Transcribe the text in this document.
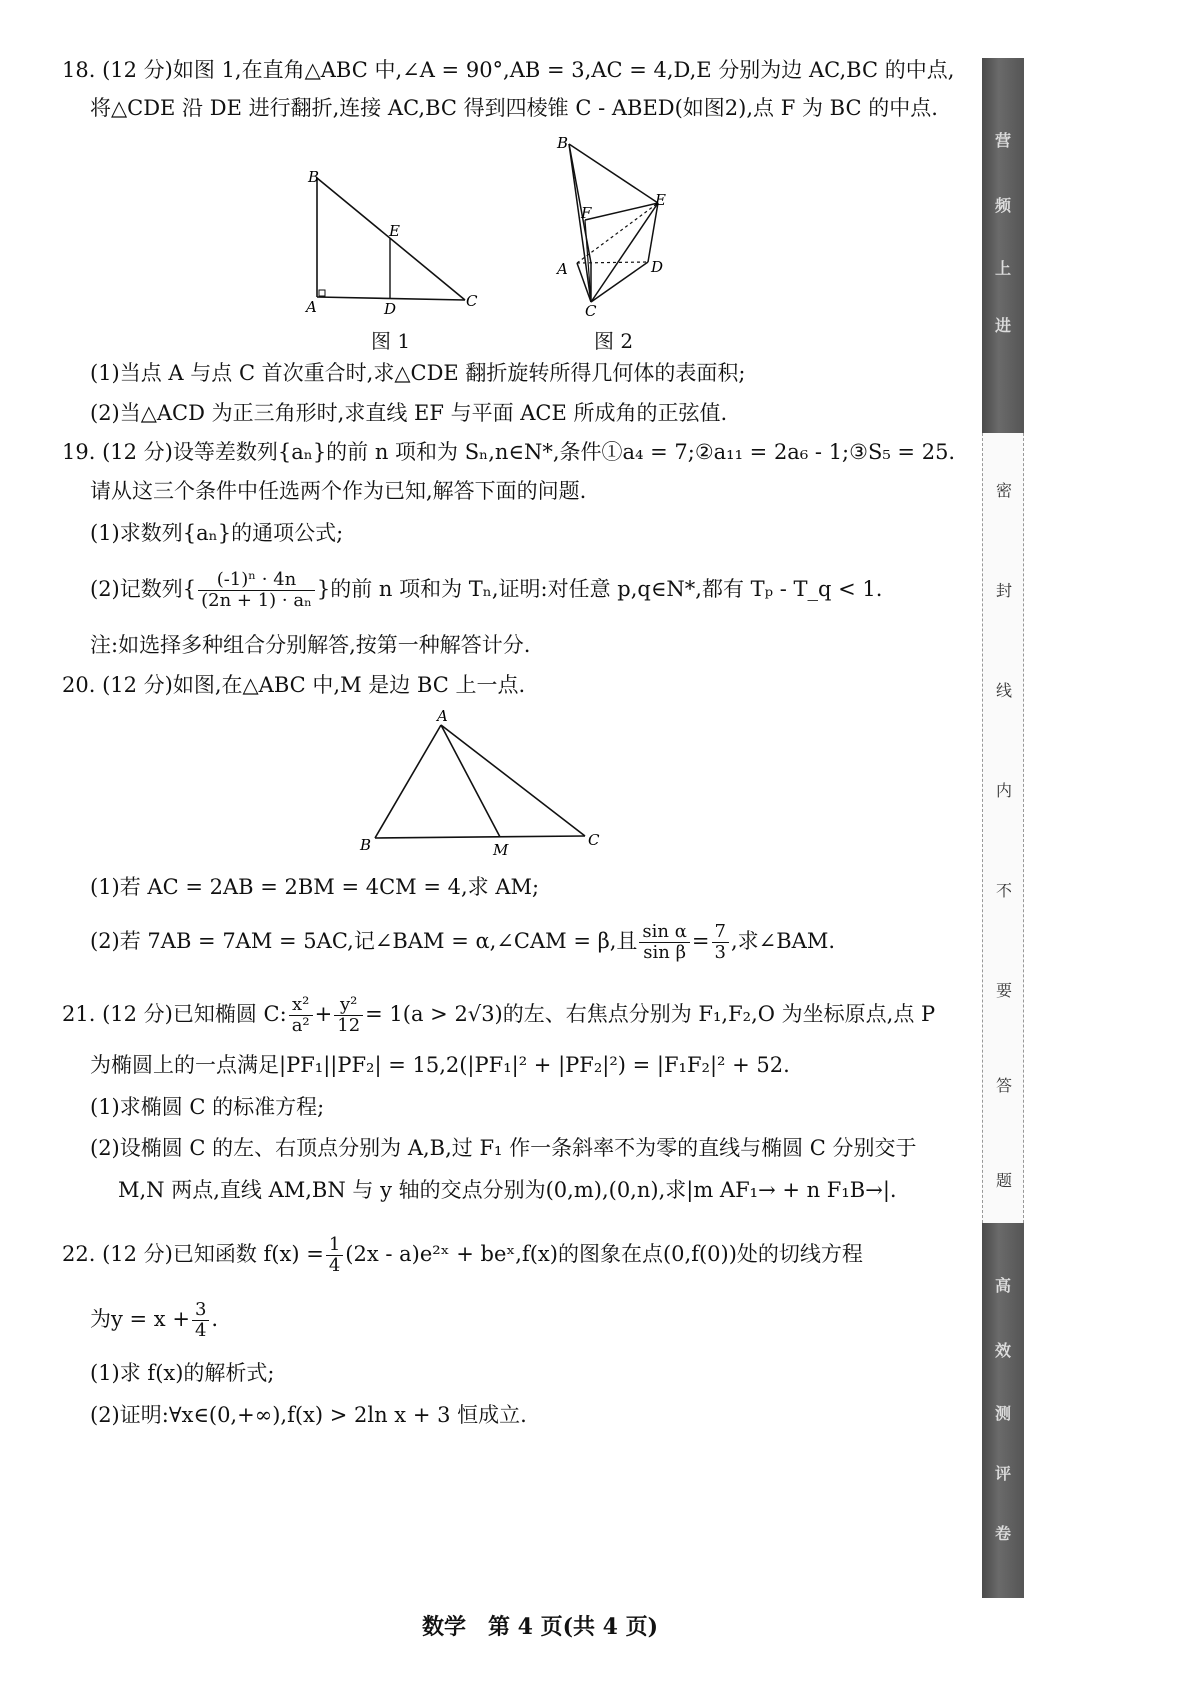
18. (12 分)如图 1,在直角△ABC 中,∠A = 90°,AB = 3,AC = 4,D,E 分别为边 AC,BC 的中点,
将△CDE 沿 DE 进行翻折,连接 AC,BC 得到四棱锥 C - ABED(如图2),点 F 为 BC 的中点.
B
E
A	D	C
图 1
B
F
E
A	D
C
图 2
(1)当点 A 与点 C 首次重合时,求△CDE 翻折旋转所得几何体的表面积;
(2)当△ACD 为正三角形时,求直线 EF 与平面 ACE 所成角的正弦值.
19. (12 分)设等差数列{aₙ}的前 n 项和为 Sₙ,n∈N*,条件①a₄ = 7;②a₁₁ = 2a₆ - 1;③S₅ = 25.
请从这三个条件中任选两个作为已知,解答下面的问题.
(1)求数列{aₙ}的通项公式;
(2)记数列{ $\frac{\text{(-1)ⁿ · 4n}}{\text{(2n + 1) · aₙ}}$ }的前 n 项和为 Tₙ,证明:对任意 p,q∈N*,都有 Tₚ - T_q < 1.
注:如选择多种组合分别解答,按第一种解答计分.
20. (12 分)如图,在△ABC 中,M 是边 BC 上一点.
A
B	M
C
(1)若 AC = 2AB = 2BM = 4CM = 4,求 AM;
(2)若 7AB = 7AM = 5AC,记∠BAM = α,∠CAM = β,且 $\frac{\text{sin α}}{\text{sin β}} = \frac{7}{3}$ ,求∠BAM.
21. (12 分)已知椭圆 C: $\frac{\text{x²}}{\text{a²}} + \frac{\text{y²}}{12} = 1(a > 2√3)$的左、右焦点分别为 F₁,F₂,O 为坐标原点,点 P
为椭圆上的一点满足|PF₁||PF₂| = 15,2(|PF₁|² + |PF₂|²) = |F₁F₂|² + 52.
(1)求椭圆 C 的标准方程;
(2)设椭圆 C 的左、右顶点分别为 A,B,过 F₁ 作一条斜率不为零的直线与椭圆 C 分别交于
M,N 两点,直线 AM,BN 与 y 轴的交点分别为(0,m),(0,n),求|m AF₁→ + n F₁B→|.
22. (12 分)已知函数 $f(x) = \frac{1}{4} (2x$ - a)e²ˣ + beˣ,f(x)的图象在点(0,f(0))处的切线方程
为$y = x + \frac{3}{4}$ .
(1)求 f(x)的解析式;
(2)证明:∀x∈(0,+∞),f(x) > 2ln x + 3 恒成立.
营
频
上
进
密
封
线
内
不
要
答
题
高
效
测
评
卷
数学　第 4 页(共 4 页)
